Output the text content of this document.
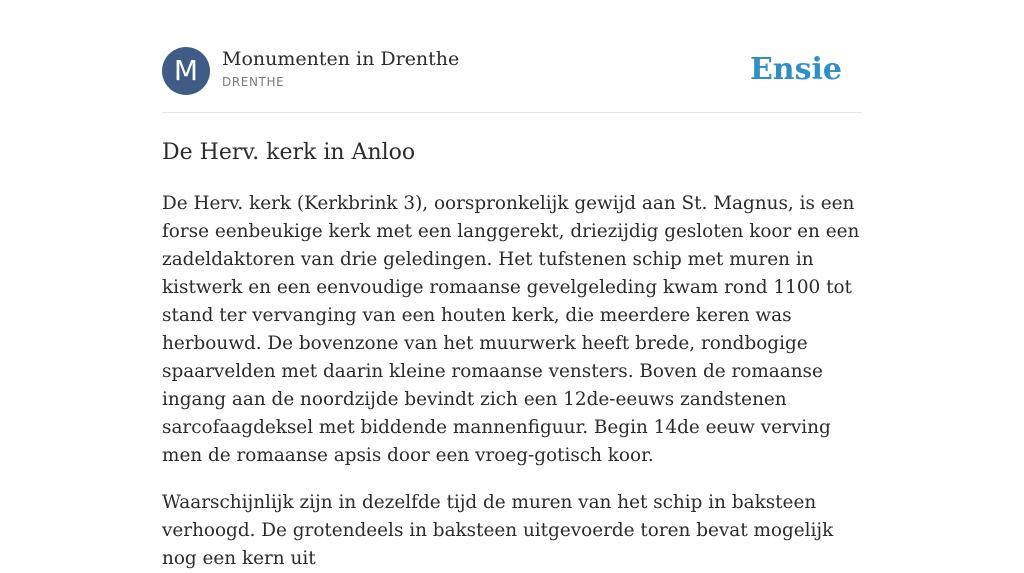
M	Monumenten in Drenthe
DRENTHE	Ensie
De Herv. kerk in Anloo

De Herv. kerk (Kerkbrink 3), oorspronkelijk gewijd aan St. Magnus, is een forse eenbeukige kerk met een langgerekt, driezijdig gesloten koor en een zadeldaktoren van drie geledingen. Het tufstenen schip met muren in kistwerk en een eenvoudige romaanse gevelgeleding kwam rond 1100 tot stand ter vervanging van een houten kerk, die meerdere keren was herbouwd. De bovenzone van het muurwerk heeft brede, rondbogige spaarvelden met daarin kleine romaanse vensters. Boven de romaanse ingang aan de noordzijde bevindt zich een 12de-eeuws zandstenen sarcofaagdeksel met biddende mannenfiguur. Begin 14de eeuw verving men de romaanse apsis door een vroeg-gotisch koor.

Waarschijnlijk zijn in dezelfde tijd de muren van het schip in baksteen verhoogd. De grotendeels in baksteen uitgevoerde toren bevat mogelijk nog een kern uit
